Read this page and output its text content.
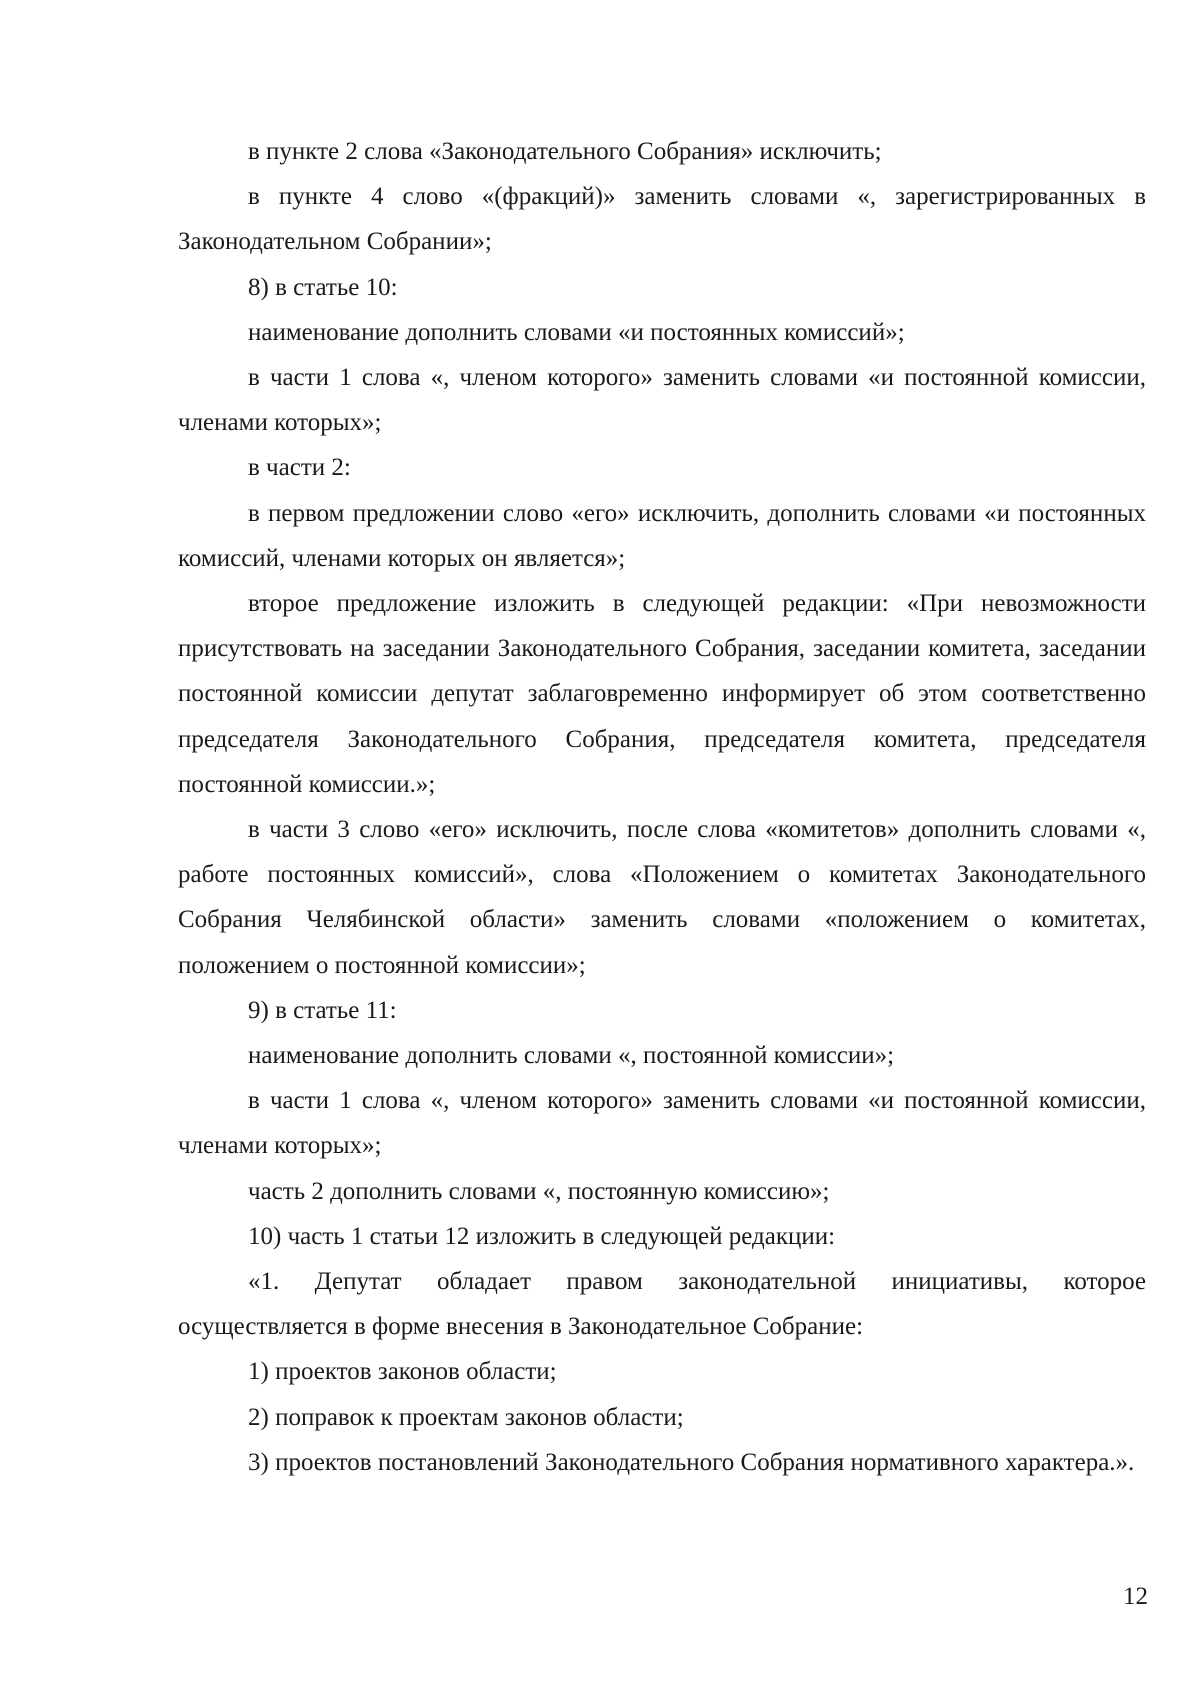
в пункте 2 слова «Законодательного Собрания» исключить;

в пункте 4 слово «(фракций)» заменить словами «, зарегистрированных в Законодательном Собрании»;

8) в статье 10:

наименование дополнить словами «и постоянных комиссий»;

в части 1 слова «, членом которого» заменить словами «и постоянной комиссии, членами которых»;

в части 2:

в первом предложении слово «его» исключить, дополнить словами «и постоянных комиссий, членами которых он является»;

второе предложение изложить в следующей редакции: «При невозможности присутствовать на заседании Законодательного Собрания, заседании комитета, заседании постоянной комиссии депутат заблаговременно информирует об этом соответственно председателя Законодательного Собрания, председателя комитета, председателя постоянной комиссии.»;

в части 3 слово «его» исключить, после слова «комитетов» дополнить словами «, работе постоянных комиссий», слова «Положением о комитетах Законодательного Собрания Челябинской области» заменить словами «положением о комитетах, положением о постоянной комиссии»;

9) в статье 11:

наименование дополнить словами «, постоянной комиссии»;

в части 1 слова «, членом которого» заменить словами «и постоянной комиссии, членами которых»;

часть 2 дополнить словами «, постоянную комиссию»;

10) часть 1 статьи 12 изложить в следующей редакции:

«1. Депутат обладает правом законодательной инициативы, которое осуществляется в форме внесения в Законодательное Собрание:

1) проектов законов области;

2) поправок к проектам законов области;

3) проектов постановлений Законодательного Собрания нормативного характера.».

12
